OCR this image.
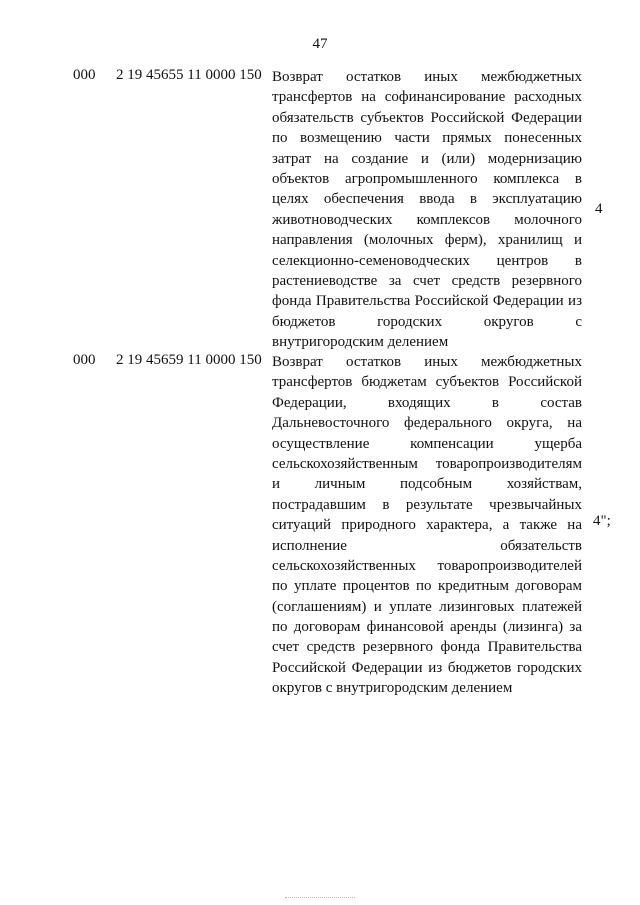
47
000 2 19 45655 11 0000 150 Возврат остатков иных межбюджетных
трансфертов на софинансирование расходных
обязательств субъектов Российской Федерации
по возмещению части прямых понесенных
затрат на создание и (или) модернизацию
объектов агропромышленного комплекса в
целях обеспечения ввода в эксплуатацию
животноводческих комплексов молочного
направления (молочных ферм), хранилищ и
селекционно-семеноводческих центров в
растениеводстве за счет средств резервного
фонда Правительства Российской Федерации из
бюджетов городских округов с
внутригородским делением
4
000 2 19 45659 11 0000 150 Возврат остатков иных межбюджетных
трансфертов бюджетам субъектов Российской
Федерации, входящих в состав
Дальневосточного федерального округа, на
осуществление компенсации ущерба
сельскохозяйственным товаропроизводителям
и личным подсобным хозяйствам,
пострадавшим в результате чрезвычайных
ситуаций природного характера, а также на
исполнение обязательств
сельскохозяйственных товаропроизводителей
по уплате процентов по кредитным договорам
(соглашениям) и уплате лизинговых платежей
по договорам финансовой аренды (лизинга) за
счет средств резервного фонда Правительства
Российской Федерации из бюджетов городских
округов с внутригородским делением
4";
